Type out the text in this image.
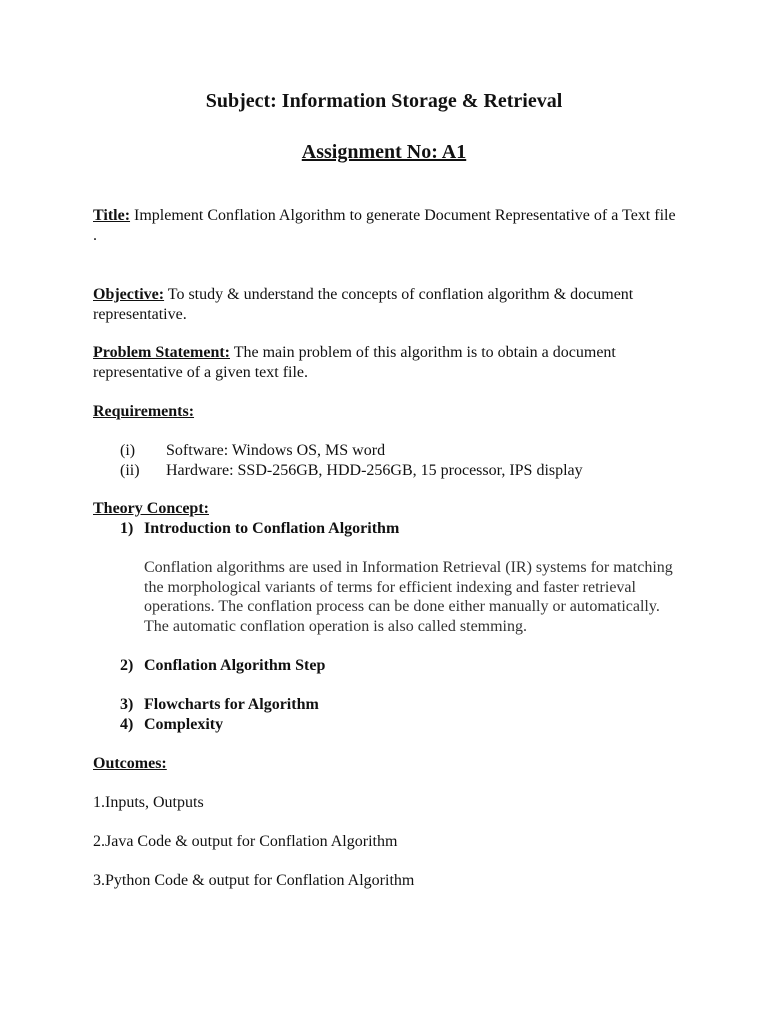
Subject: Information Storage & Retrieval
Assignment No: A1
Title: Implement Conflation Algorithm to generate Document Representative of a Text file .
Objective: To study & understand the concepts of conflation algorithm & document representative.
Problem Statement: The main problem of this algorithm is to obtain a document representative of a given text file.
Requirements:
(i) Software: Windows OS, MS word
(ii) Hardware: SSD-256GB, HDD-256GB, 15 processor, IPS display
Theory Concept:
1) Introduction to Conflation Algorithm
Conflation algorithms are used in Information Retrieval (IR) systems for matching the morphological variants of terms for efficient indexing and faster retrieval operations. The conflation process can be done either manually or automatically. The automatic conflation operation is also called stemming.
2) Conflation Algorithm Step
3) Flowcharts for Algorithm
4) Complexity
Outcomes:
1.Inputs, Outputs
2.Java Code & output for Conflation Algorithm
3.Python Code & output for Conflation Algorithm
